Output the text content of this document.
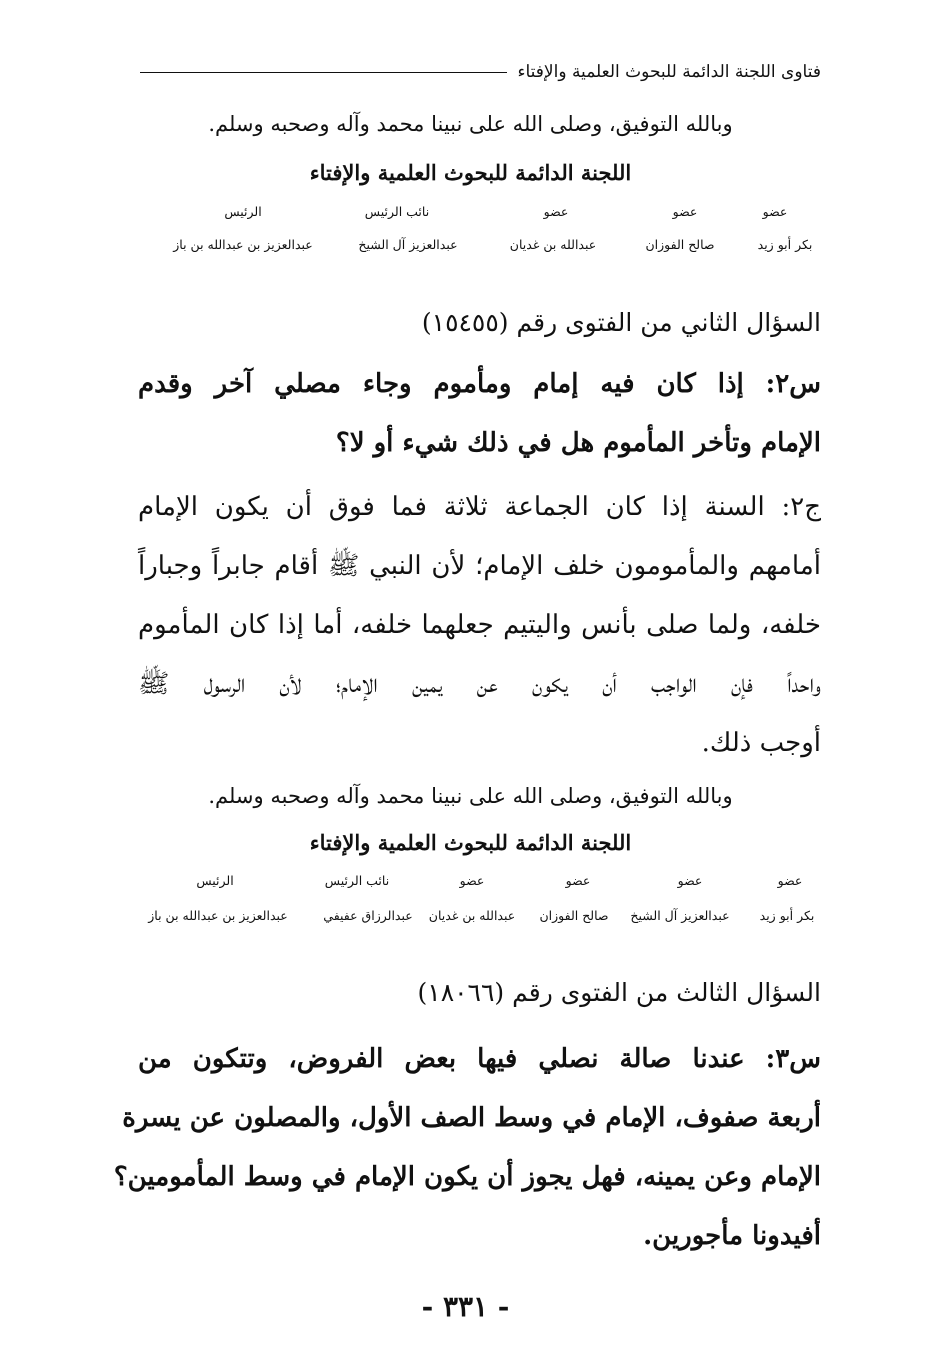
فتاوى اللجنة الدائمة للبحوث العلمية والإفتاء
وبالله التوفيق، وصلى الله على نبينا محمد وآله وصحبه وسلم.
اللجنة الدائمة للبحوث العلمية والإفتاء
عضو
عضو
عضو
نائب الرئيس
الرئيس
بكر أبو زيد
صالح الفوزان
عبدالله بن غديان
عبدالعزيز آل الشيخ
عبدالعزيز بن عبدالله بن باز
السؤال الثاني من الفتوى رقم (١٥٤٥٥)
س٢: إذا كان فيه إمام ومأموم وجاء مصلي آخر وقدم
الإمام وتأخر المأموم هل في ذلك شيء أو لا؟
ج٢: السنة إذا كان الجماعة ثلاثة فما فوق أن يكون الإمام
أمامهم والمأمومون خلف الإمام؛ لأن النبي ﷺ أقام جابراً وجباراً
خلفه، ولما صلى بأنس واليتيم جعلهما خلفه، أما إذا كان المأموم
واحداً فإن الواجب أن يكون عن يمين الإمام؛ لأن الرسول ﷺ
أوجب ذلك.
وبالله التوفيق، وصلى الله على نبينا محمد وآله وصحبه وسلم.
اللجنة الدائمة للبحوث العلمية والإفتاء
عضو
عضو
عضو
عضو
نائب الرئيس
الرئيس
بكر أبو زيد
عبدالعزيز آل الشيخ
صالح الفوزان
عبدالله بن غديان
عبدالرزاق عفيفي
عبدالعزيز بن عبدالله بن باز
السؤال الثالث من الفتوى رقم (١٨٠٦٦)
س٣: عندنا صالة نصلي فيها بعض الفروض، وتتكون من
أربعة صفوف، الإمام في وسط الصف الأول، والمصلون عن يسرة
الإمام وعن يمينه، فهل يجوز أن يكون الإمام في وسط المأمومين؟
أفيدونا مأجورين.
- ٣٣١ -
